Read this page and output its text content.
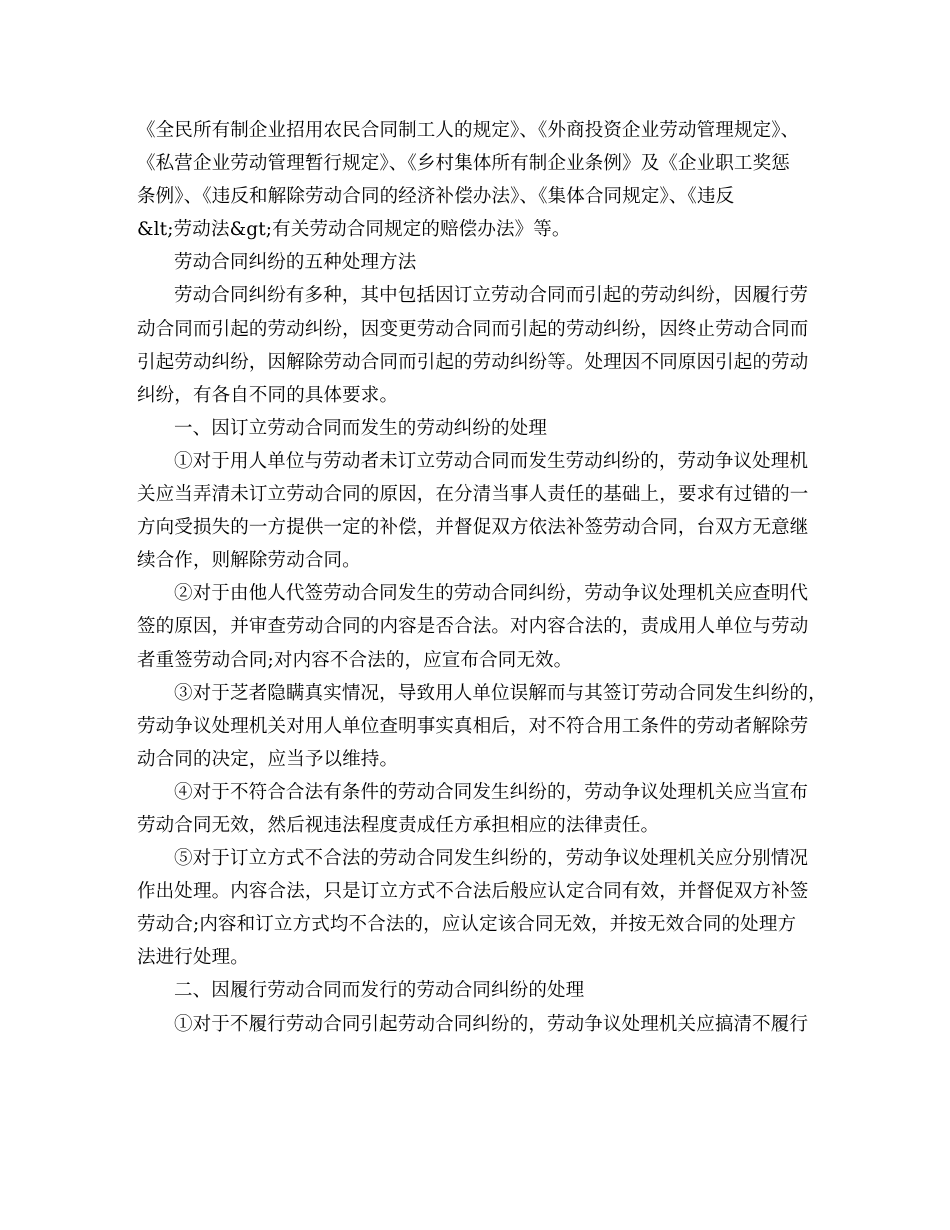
《全民所有制企业招用农民合同制工人的规定》、《外商投资企业劳动管理规定》、
《私营企业劳动管理暂行规定》、《乡村集体所有制企业条例》及《企业职工奖惩
条例》、《违反和解除劳动合同的经济补偿办法》、《集体合同规定》、《违反
&lt;劳动法&gt;有关劳动合同规定的赔偿办法》等。

劳动合同纠纷的五种处理方法

劳动合同纠纷有多种，其中包括因订立劳动合同而引起的劳动纠纷，因履行劳
动合同而引起的劳动纠纷，因变更劳动合同而引起的劳动纠纷，因终止劳动合同而
引起劳动纠纷，因解除劳动合同而引起的劳动纠纷等。处理因不同原因引起的劳动
纠纷，有各自不同的具体要求。

一、因订立劳动合同而发生的劳动纠纷的处理

①对于用人单位与劳动者未订立劳动合同而发生劳动纠纷的，劳动争议处理机
关应当弄清未订立劳动合同的原因，在分清当事人责任的基础上，要求有过错的一
方向受损失的一方提供一定的补偿，并督促双方依法补签劳动合同，台双方无意继
续合作，则解除劳动合同。

②对于由他人代签劳动合同发生的劳动合同纠纷，劳动争议处理机关应查明代
签的原因，并审查劳动合同的内容是否合法。对内容合法的，责成用人单位与劳动
者重签劳动合同;对内容不合法的，应宣布合同无效。

③对于芝者隐瞒真实情况，导致用人单位误解而与其签订劳动合同发生纠纷的，
劳动争议处理机关对用人单位查明事实真相后，对不符合用工条件的劳动者解除劳
动合同的决定，应当予以维持。

④对于不符合合法有条件的劳动合同发生纠纷的，劳动争议处理机关应当宣布
劳动合同无效，然后视违法程度责成任方承担相应的法律责任。

⑤对于订立方式不合法的劳动合同发生纠纷的，劳动争议处理机关应分别情况
作出处理。内容合法，只是订立方式不合法后般应认定合同有效，并督促双方补签
劳动合;内容和订立方式均不合法的，应认定该合同无效，并按无效合同的处理方
法进行处理。

二、因履行劳动合同而发行的劳动合同纠纷的处理

①对于不履行劳动合同引起劳动合同纠纷的，劳动争议处理机关应搞清不履行
